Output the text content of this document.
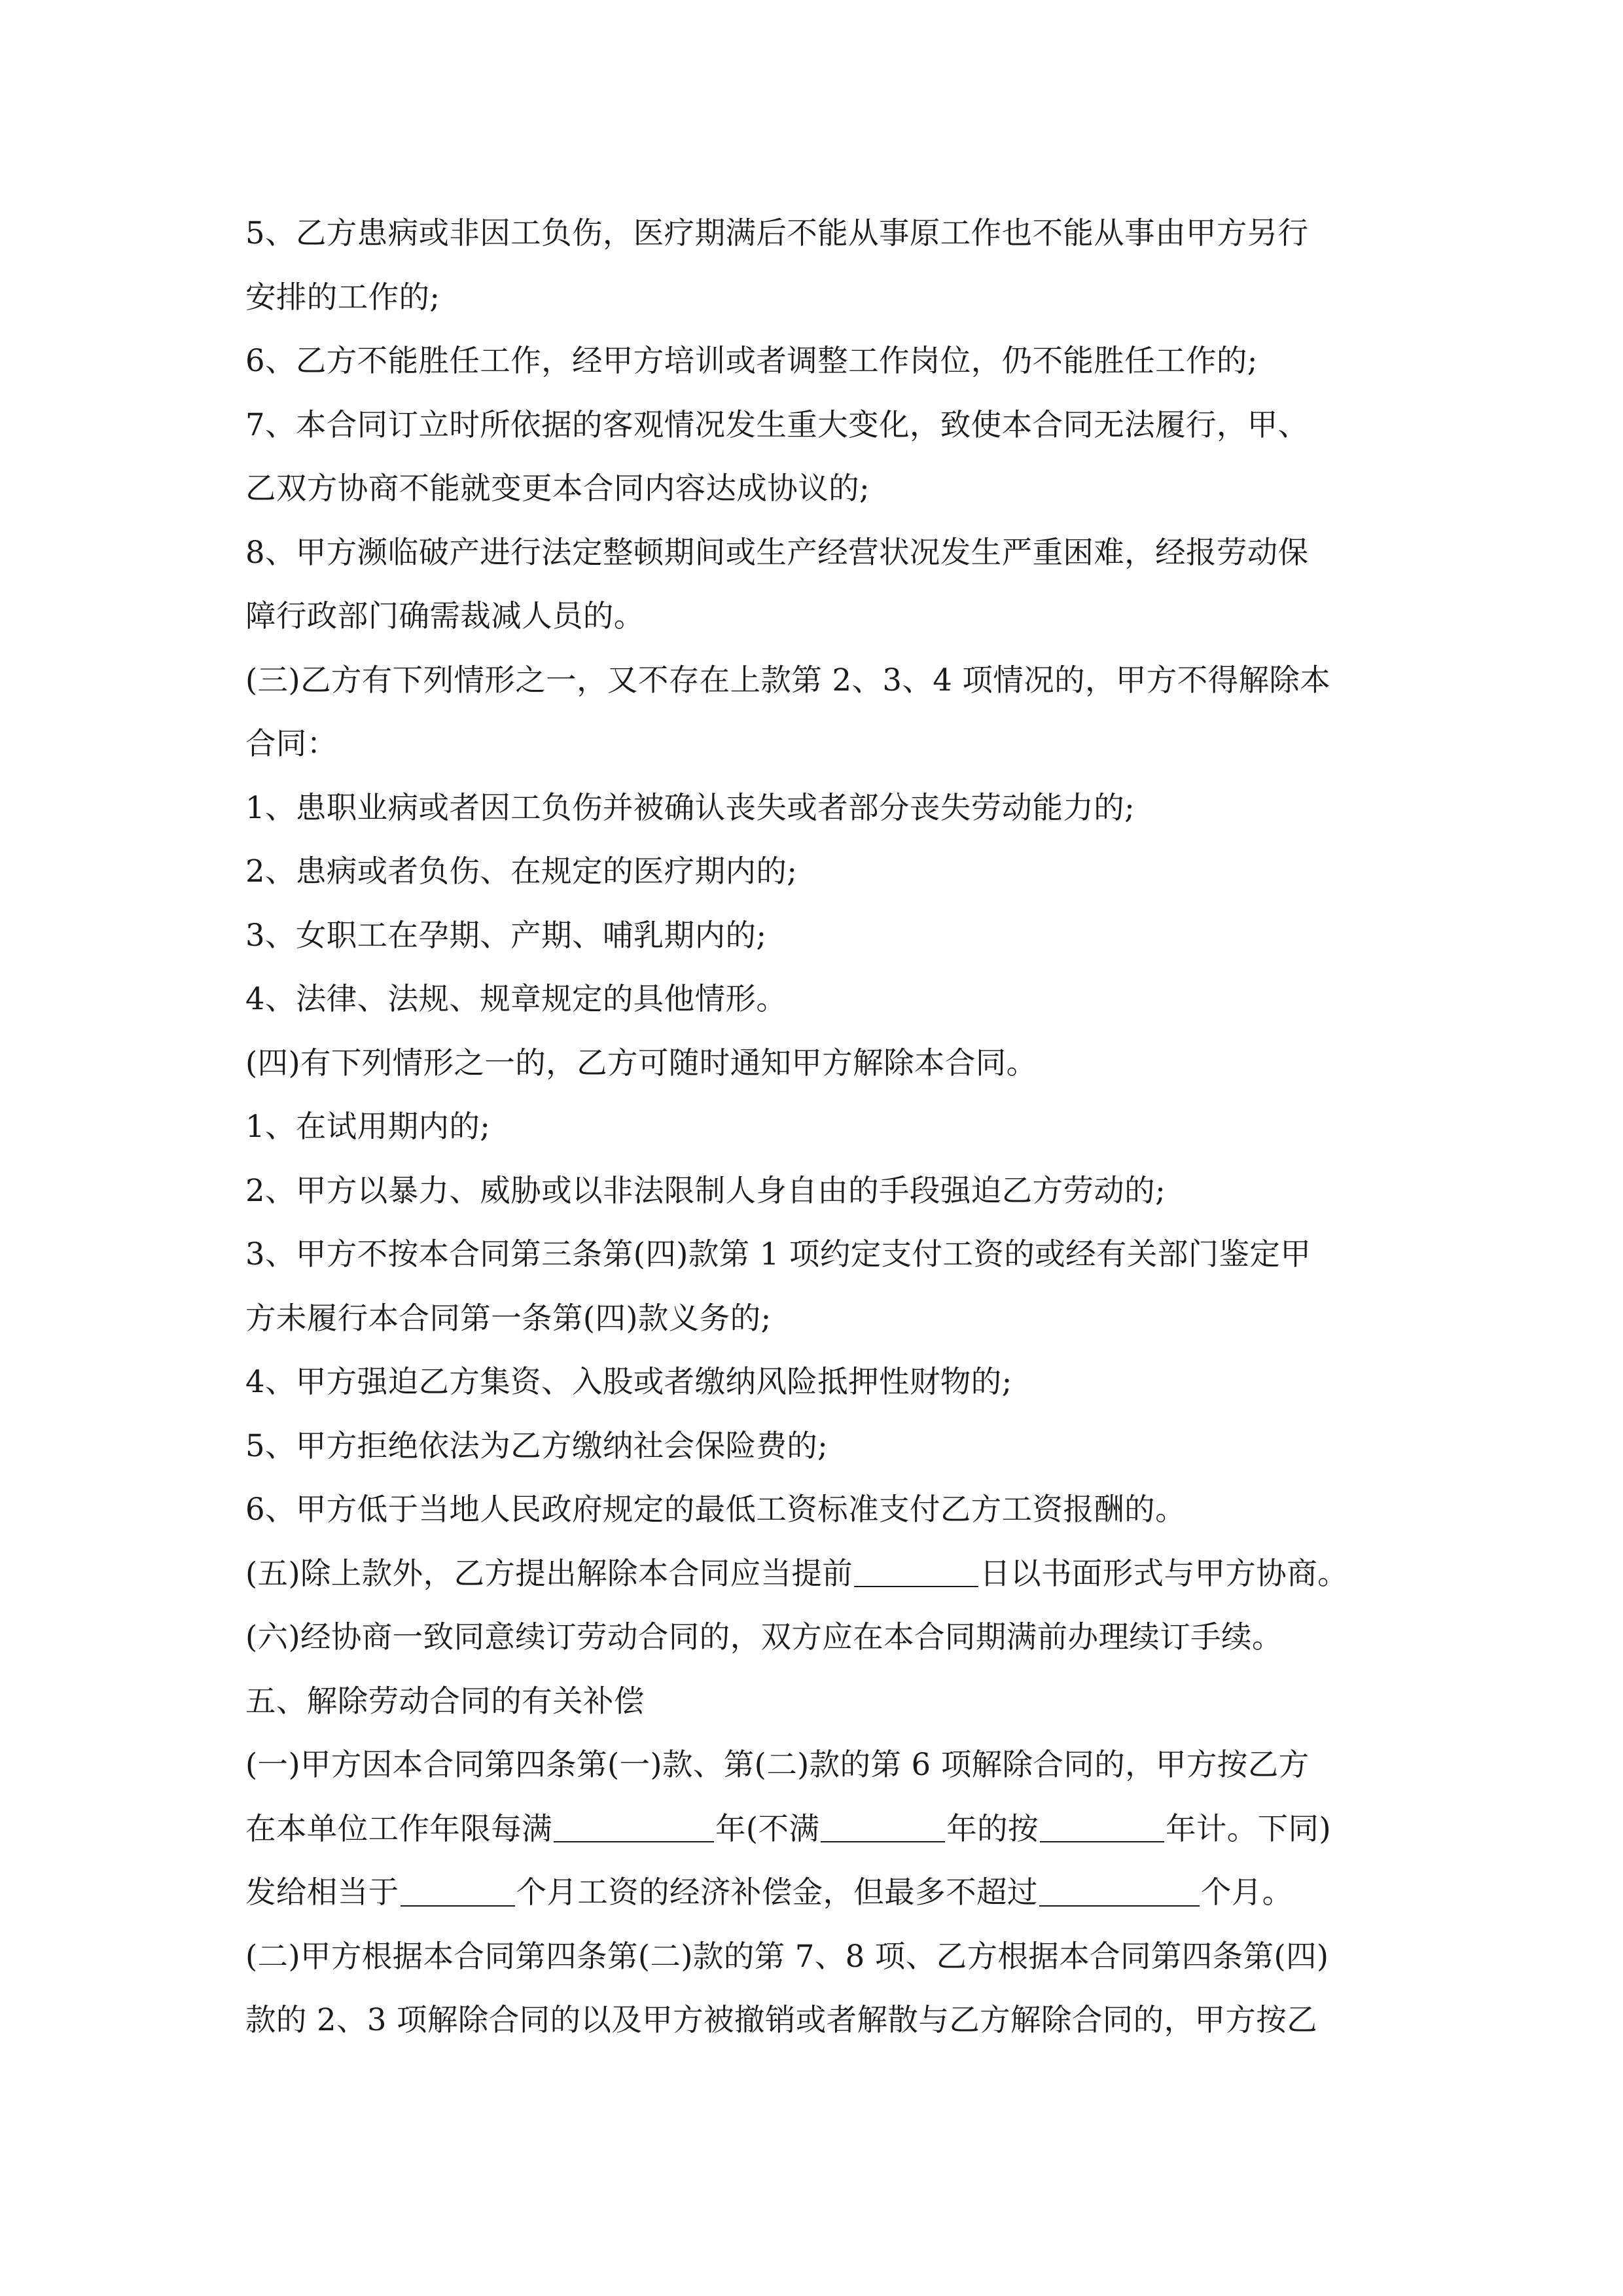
5、乙方患病或非因工负伤，医疗期满后不能从事原工作也不能从事由甲方另行
安排的工作的;
6、乙方不能胜任工作，经甲方培训或者调整工作岗位，仍不能胜任工作的;
7、本合同订立时所依据的客观情况发生重大变化，致使本合同无法履行，甲、
乙双方协商不能就变更本合同内容达成协议的;
8、甲方濒临破产进行法定整顿期间或生产经营状况发生严重困难，经报劳动保
障行政部门确需裁减人员的。
(三)乙方有下列情形之一，又不存在上款第 2、3、4 项情况的，甲方不得解除本
合同：
1、患职业病或者因工负伤并被确认丧失或者部分丧失劳动能力的;
2、患病或者负伤、在规定的医疗期内的;
3、女职工在孕期、产期、哺乳期内的;
4、法律、法规、规章规定的具他情形。
(四)有下列情形之一的，乙方可随时通知甲方解除本合同。
1、在试用期内的;
2、甲方以暴力、威胁或以非法限制人身自由的手段强迫乙方劳动的;
3、甲方不按本合同第三条第(四)款第 1 项约定支付工资的或经有关部门鉴定甲
方未履行本合同第一条第(四)款义务的;
4、甲方强迫乙方集资、入股或者缴纳风险抵押性财物的;
5、甲方拒绝依法为乙方缴纳社会保险费的;
6、甲方低于当地人民政府规定的最低工资标准支付乙方工资报酬的。
(五)除上款外，乙方提出解除本合同应当提前	日以书面形式与甲方协商。
(六)经协商一致同意续订劳动合同的，双方应在本合同期满前办理续订手续。
五、解除劳动合同的有关补偿
(一)甲方因本合同第四条第(一)款、第(二)款的第 6 项解除合同的，甲方按乙方
在本单位工作年限每满	年(不满	年的按	年计。下同)
发给相当于	个月工资的经济补偿金，但最多不超过	个月。
(二)甲方根据本合同第四条第(二)款的第 7、8 项、乙方根据本合同第四条第(四)
款的 2、3 项解除合同的以及甲方被撤销或者解散与乙方解除合同的，甲方按乙
